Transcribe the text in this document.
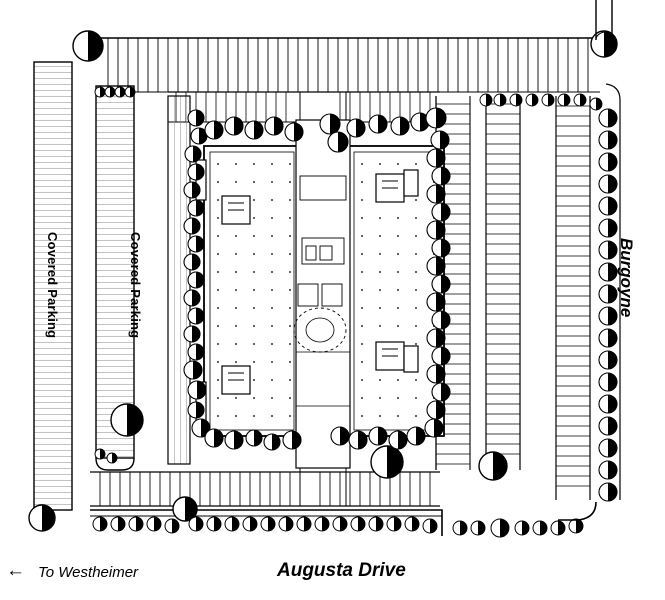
Covered Parking	Covered Parking	Burgoyne
Augusta Drive
← To Westheimer
